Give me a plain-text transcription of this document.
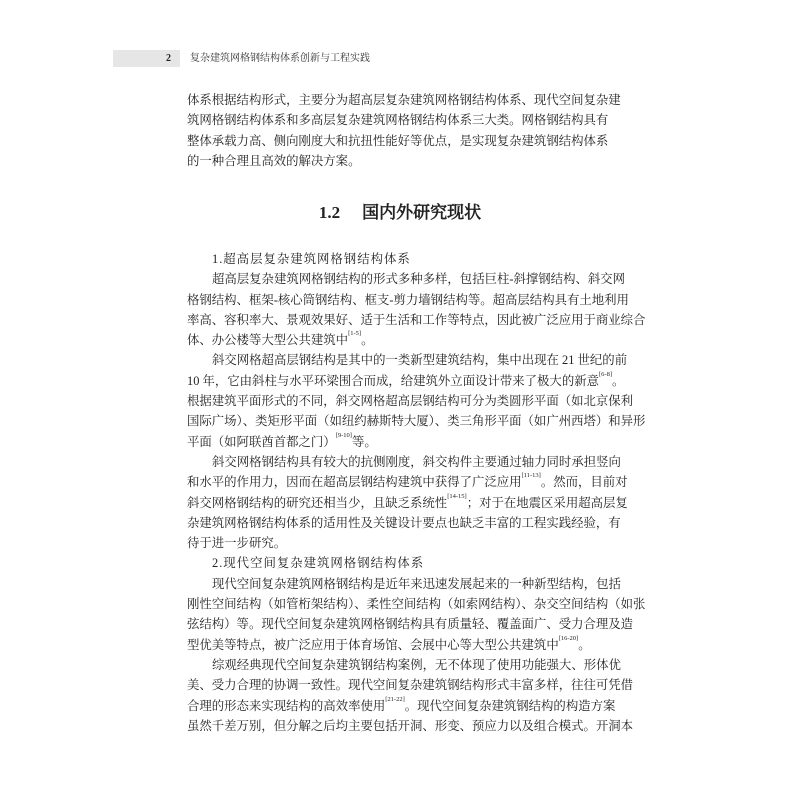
2 复杂建筑网格钢结构体系创新与工程实践
体系根据结构形式，主要分为超高层复杂建筑网格钢结构体系、现代空间复杂建
筑网格钢结构体系和多高层复杂建筑网格钢结构体系三大类。网格钢结构具有
整体承载力高、侧向刚度大和抗扭性能好等优点，是实现复杂建筑钢结构体系
的一种合理且高效的解决方案。
1.2 国内外研究现状
1.超高层复杂建筑网格钢结构体系
超高层复杂建筑网格钢结构的形式多种多样，包括巨柱-斜撑钢结构、斜交网
格钢结构、框架-核心筒钢结构、框支-剪力墙钢结构等。超高层结构具有土地利用
率高、容积率大、景观效果好、适于生活和工作等特点，因此被广泛应用于商业综合
体、办公楼等大型公共建筑中[1-5]。
斜交网格超高层钢结构是其中的一类新型建筑结构，集中出现在 21 世纪的前
10 年，它由斜柱与水平环梁围合而成，给建筑外立面设计带来了极大的新意[6-8]。
根据建筑平面形式的不同，斜交网格超高层钢结构可分为类圆形平面（如北京保利
国际广场）、类矩形平面（如纽约赫斯特大厦）、类三角形平面（如广州西塔）和异形
平面（如阿联酋首都之门）[9-10]等。
斜交网格钢结构具有较大的抗侧刚度，斜交构件主要通过轴力同时承担竖向
和水平的作用力，因而在超高层钢结构建筑中获得了广泛应用[11-13]。然而，目前对
斜交网格钢结构的研究还相当少，且缺乏系统性[14-15]；对于在地震区采用超高层复
杂建筑网格钢结构体系的适用性及关键设计要点也缺乏丰富的工程实践经验，有
待于进一步研究。
2.现代空间复杂建筑网格钢结构体系
现代空间复杂建筑网格钢结构是近年来迅速发展起来的一种新型结构，包括
刚性空间结构（如管桁架结构）、柔性空间结构（如索网结构）、杂交空间结构（如张
弦结构）等。现代空间复杂建筑网格钢结构具有质量轻、覆盖面广、受力合理及造
型优美等特点，被广泛应用于体育场馆、会展中心等大型公共建筑中[16-20]。
综观经典现代空间复杂建筑钢结构案例，无不体现了使用功能强大、形体优
美、受力合理的协调一致性。现代空间复杂建筑钢结构形式丰富多样，往往可凭借
合理的形态来实现结构的高效率使用[21-22]。现代空间复杂建筑钢结构的构造方案
虽然千差万别，但分解之后均主要包括开洞、形变、预应力以及组合模式。开洞本
